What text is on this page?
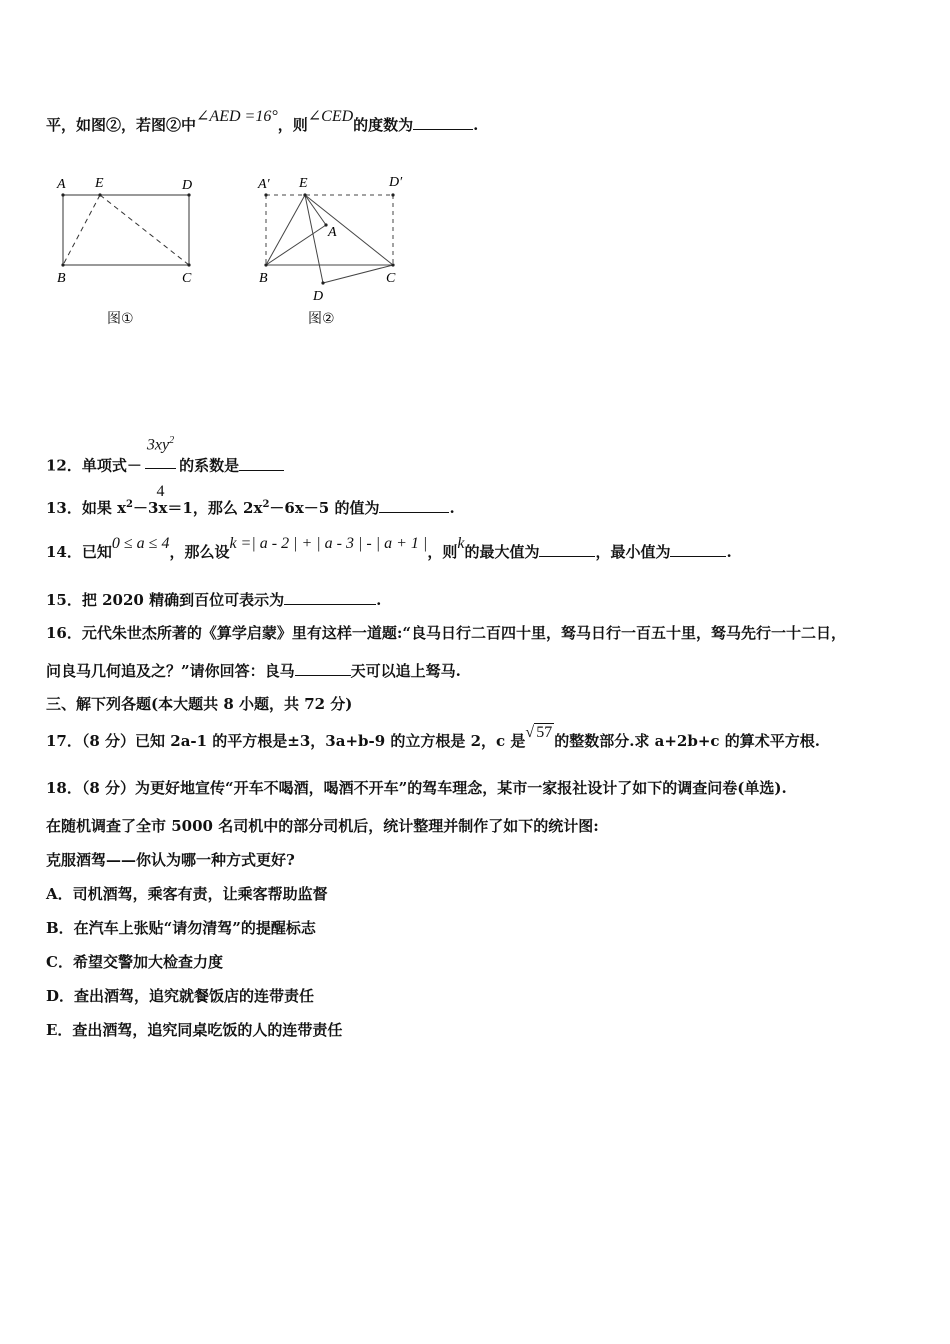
平，如图②，若图②中∠AED =16°，则∠CED的度数为	.
A E	D
B	C
图①
A′ E	D′
A
B	C
D
图②
12．单项式－ $\frac{3xy^2}{4}$ 的系数是
13．如果 $x^2-3x=1$，那么 $2x^2-6x-5$ 的值为	.
14．已知0 ≤ a ≤ 4，那么设k =| a - 2 | + | a - 3 | - | a + 1 |，则k的最大值为	，最小值为	.
15．把 2020 精确到百位可表示为	.
16．元代朱世杰所著的《算学启蒙》里有这样一道题:“良马日行二百四十里，驽马日行一百五十里，驽马先行一十二日，
问良马几何追及之？”请你回答：良马	天可以追上驽马.
三、解下列各题(本大题共 8 小题，共 72 分)
17．（8 分）已知 2a-1 的平方根是±3，3a+b-9 的立方根是 2，c 是√ 57 的整数部分.求 a+2b+c 的算术平方根.
18．（8 分）为更好地宣传“开车不喝酒，喝酒不开车”的驾车理念，某市一家报社设计了如下的调查问卷(单选).
在随机调查了全市 5000 名司机中的部分司机后，统计整理并制作了如下的统计图:
克服酒驾——你认为哪一种方式更好?
A．司机酒驾，乘客有责，让乘客帮助监督
B．在汽车上张贴“请勿清驾”的提醒标志
C．希望交警加大检查力度
D．查出酒驾，追究就餐饭店的连带责任
E．查出酒驾，追究同桌吃饭的人的连带责任
